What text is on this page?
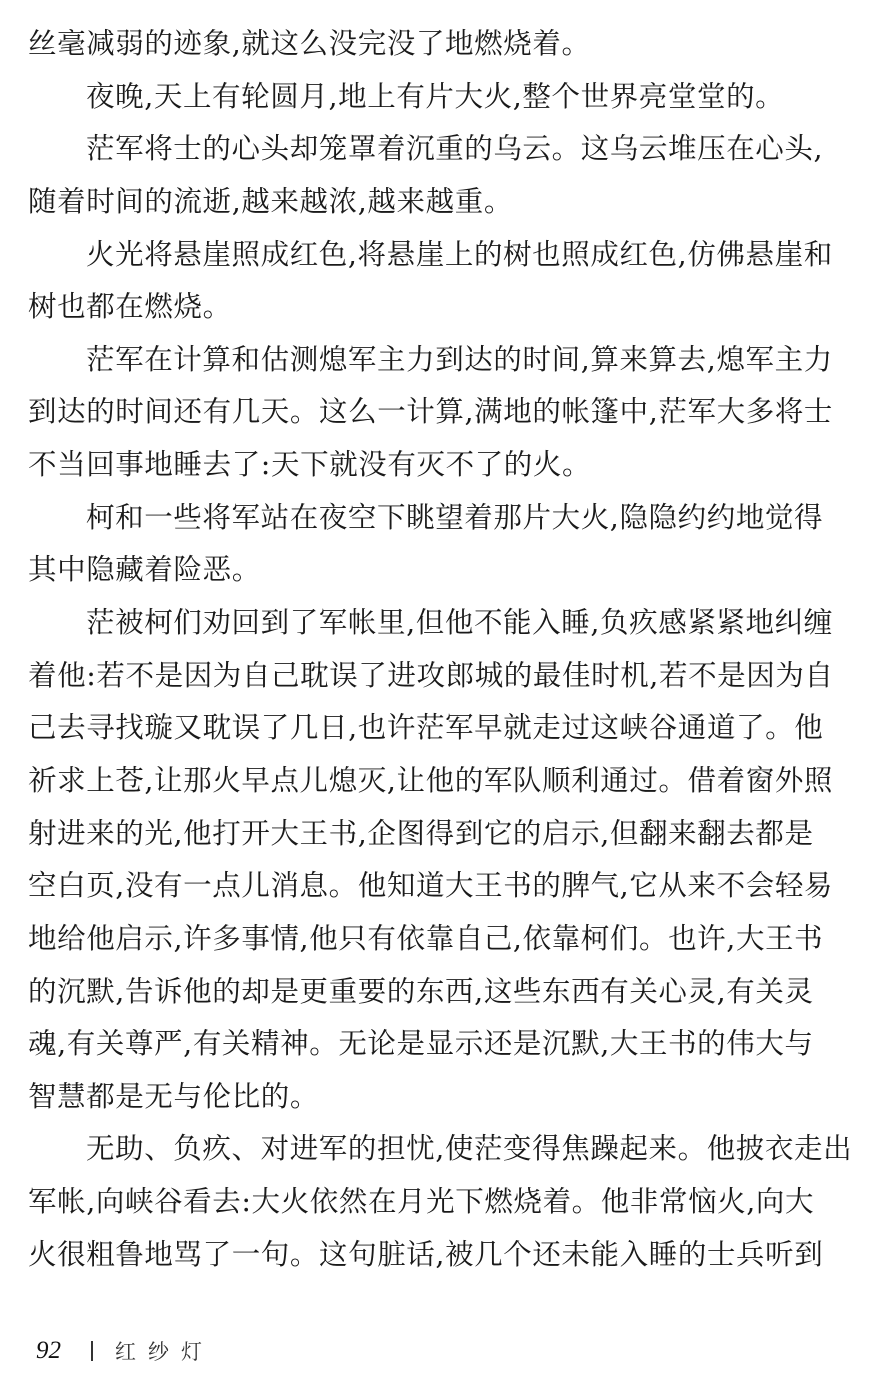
丝毫减弱的迹象,就这么没完没了地燃烧着。
夜晚,天上有轮圆月,地上有片大火,整个世界亮堂堂的。
茫军将士的心头却笼罩着沉重的乌云。这乌云堆压在心头,
随着时间的流逝,越来越浓,越来越重。
火光将悬崖照成红色,将悬崖上的树也照成红色,仿佛悬崖和
树也都在燃烧。
茫军在计算和估测熄军主力到达的时间,算来算去,熄军主力
到达的时间还有几天。这么一计算,满地的帐篷中,茫军大多将士
不当回事地睡去了:天下就没有灭不了的火。
柯和一些将军站在夜空下眺望着那片大火,隐隐约约地觉得
其中隐藏着险恶。
茫被柯们劝回到了军帐里,但他不能入睡,负疚感紧紧地纠缠
着他:若不是因为自己耽误了进攻郎城的最佳时机,若不是因为自
己去寻找璇又耽误了几日,也许茫军早就走过这峡谷通道了。他
祈求上苍,让那火早点儿熄灭,让他的军队顺利通过。借着窗外照
射进来的光,他打开大王书,企图得到它的启示,但翻来翻去都是
空白页,没有一点儿消息。他知道大王书的脾气,它从来不会轻易
地给他启示,许多事情,他只有依靠自己,依靠柯们。也许,大王书
的沉默,告诉他的却是更重要的东西,这些东西有关心灵,有关灵
魂,有关尊严,有关精神。无论是显示还是沉默,大王书的伟大与
智慧都是无与伦比的。
无助、负疚、对进军的担忧,使茫变得焦躁起来。他披衣走出
军帐,向峡谷看去:大火依然在月光下燃烧着。他非常恼火,向大
火很粗鲁地骂了一句。这句脏话,被几个还未能入睡的士兵听到
92	红纱灯
